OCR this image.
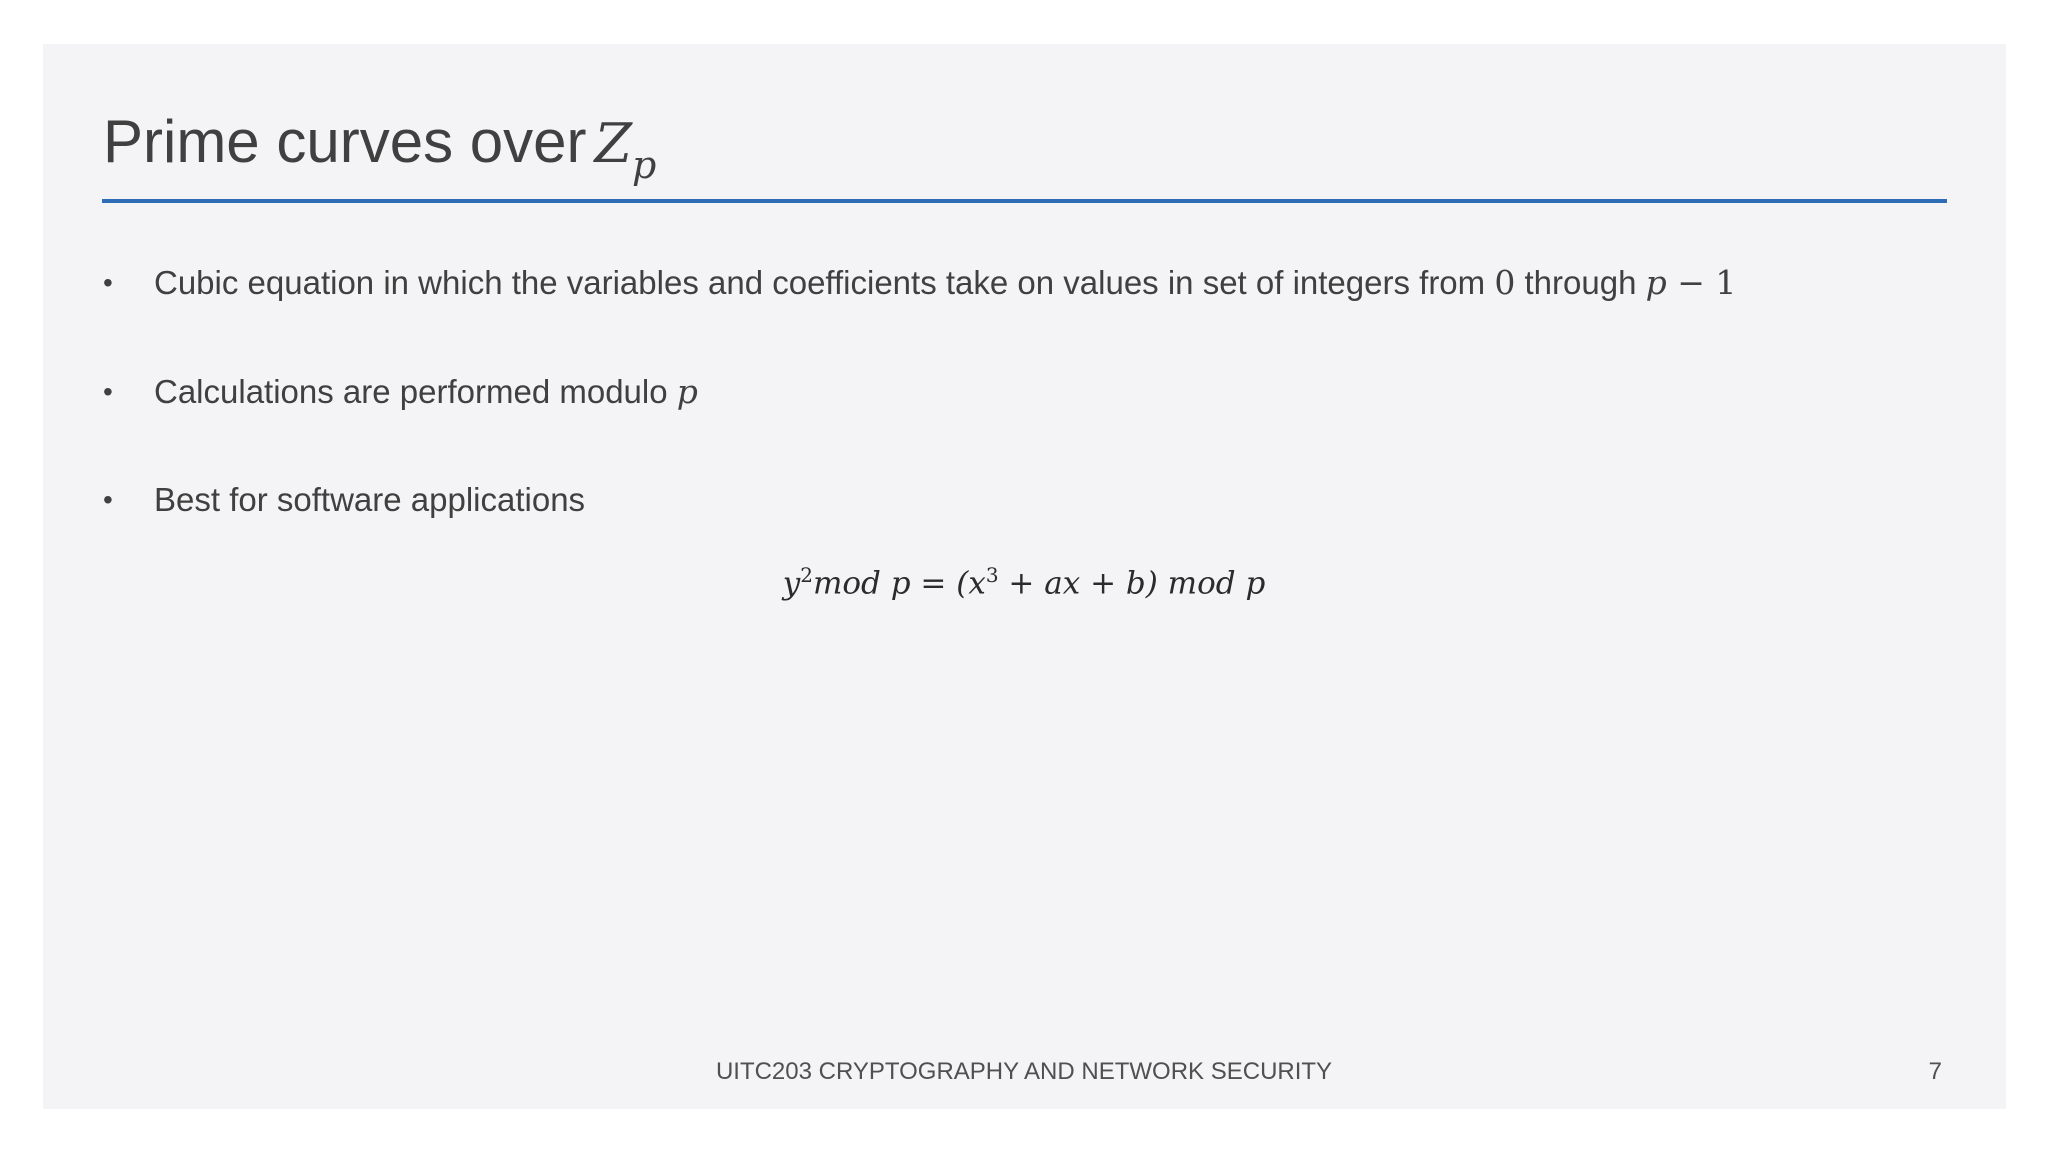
Prime curves over $Z_p$
• Cubic equation in which the variables and coefficients take on values in set of integers from 0 through p − 1
• Calculations are performed modulo p
• Best for software applications
$y^2mod$ $p = (x^3$ + ax + b) mod p
UITC203 CRYPTOGRAPHY AND NETWORK SECURITY	7
